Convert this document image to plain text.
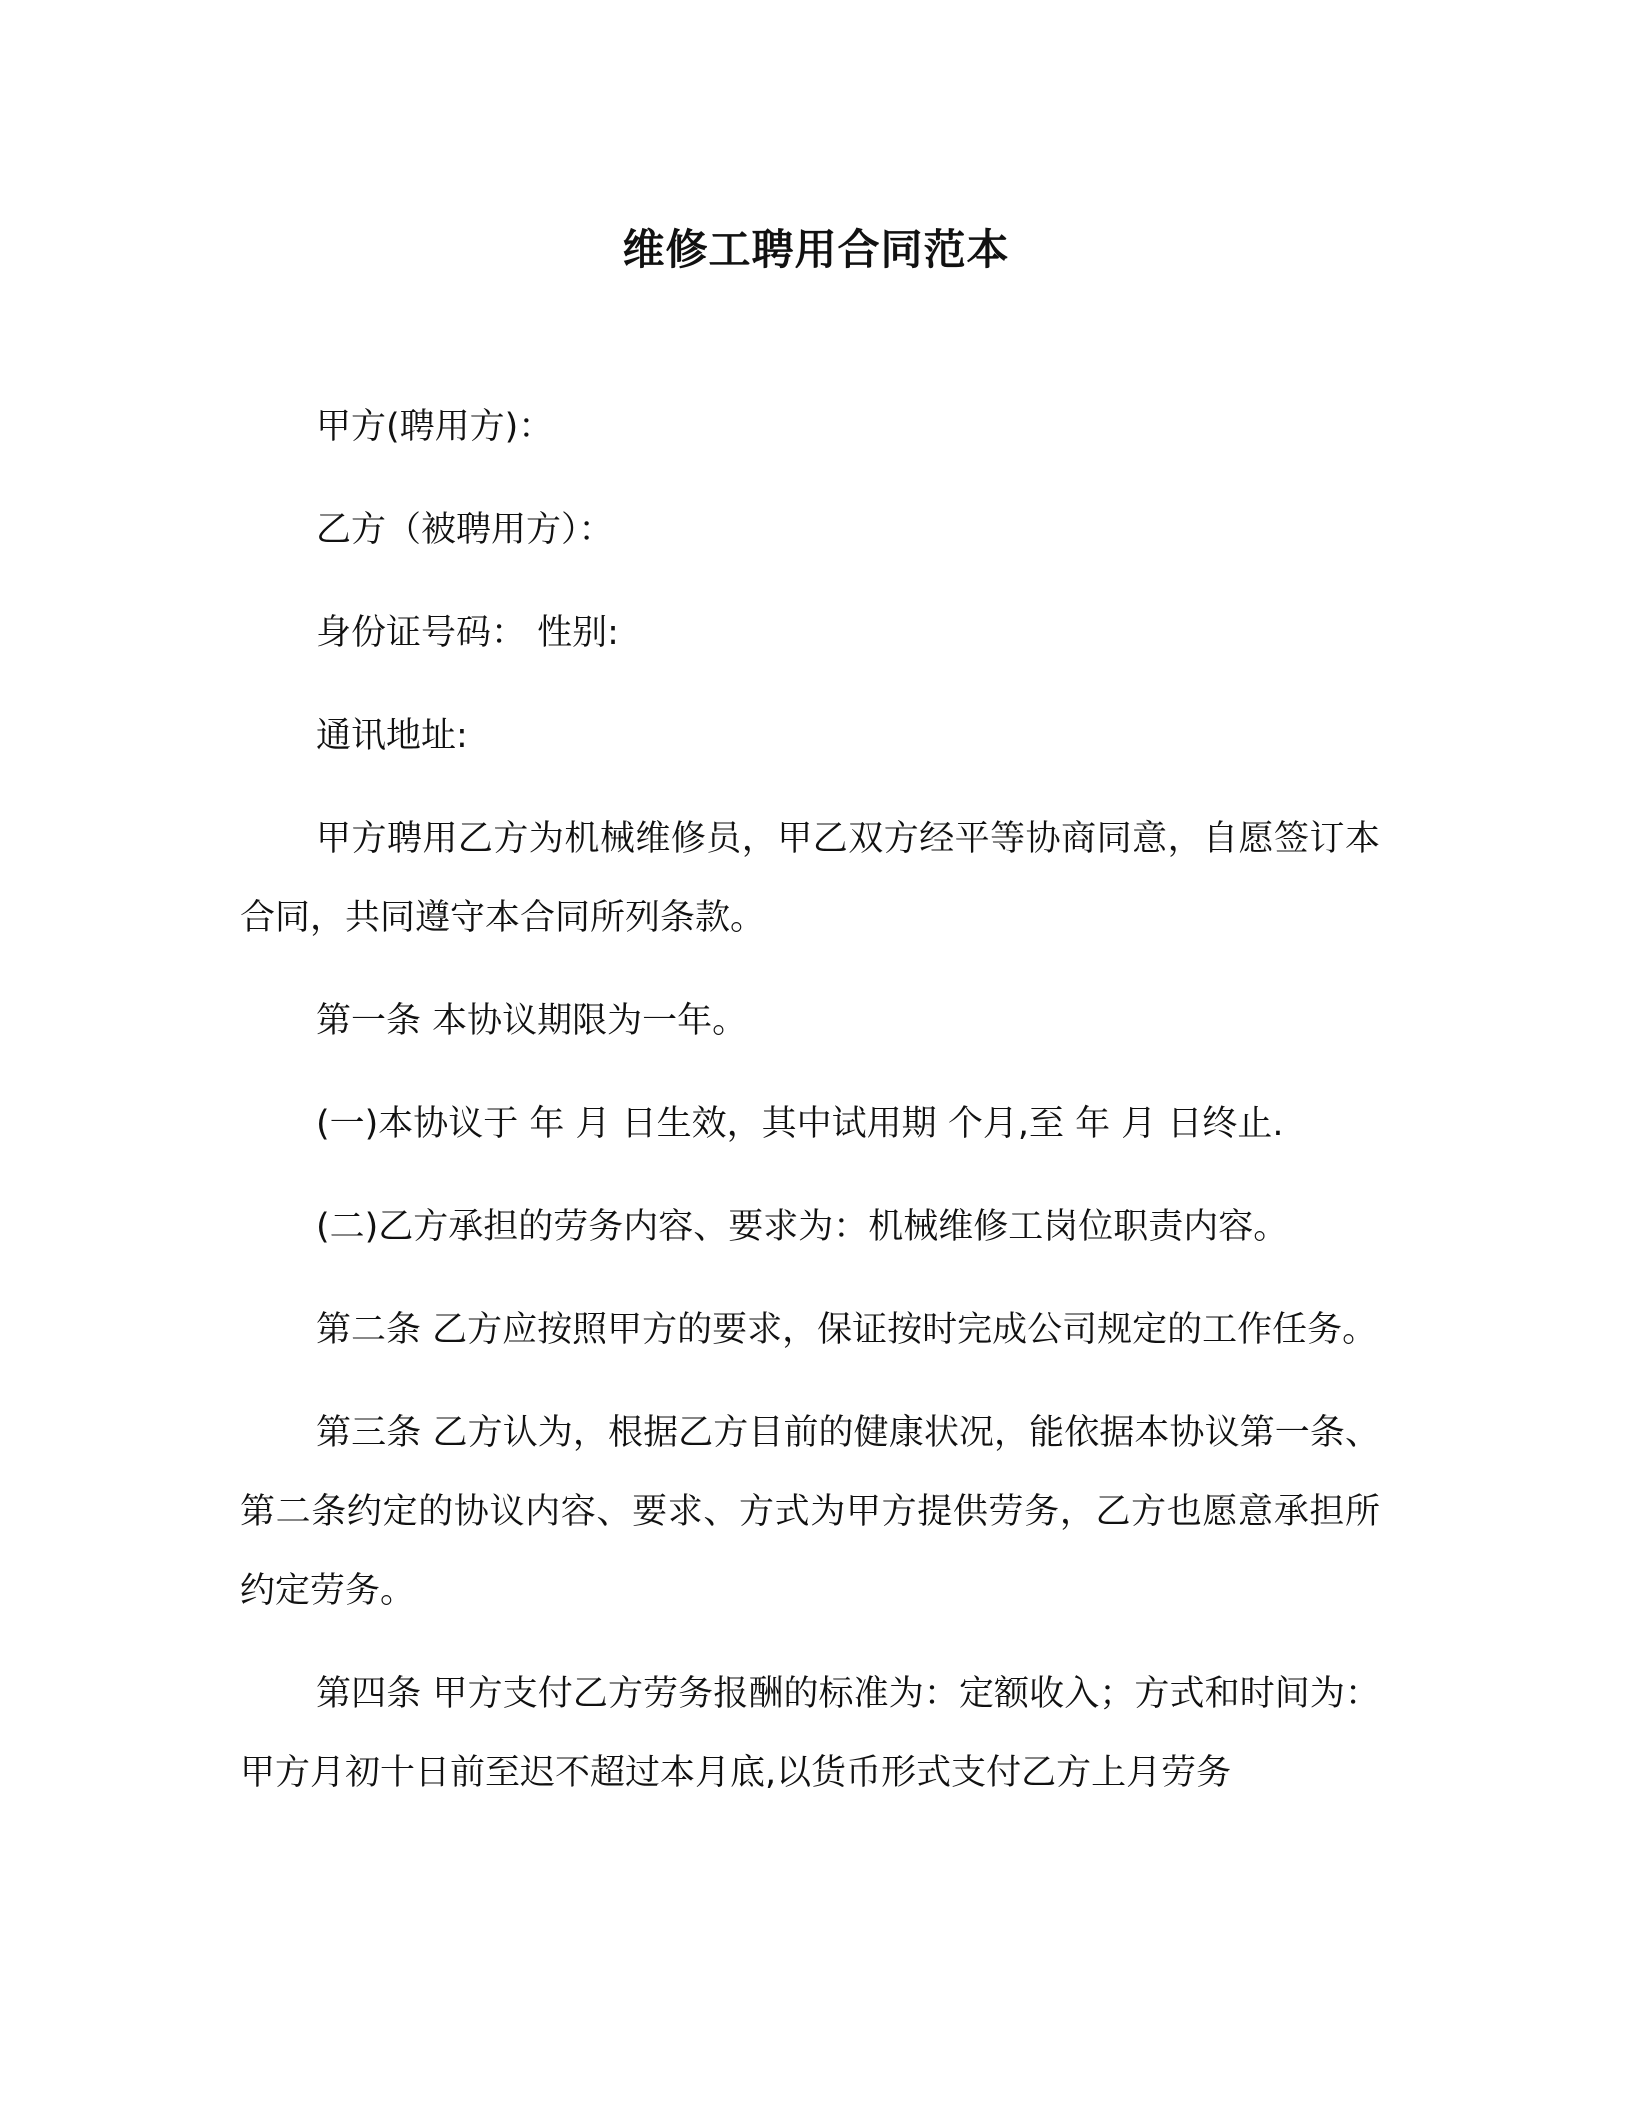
维修工聘用合同范本

甲方(聘用方)：

乙方（被聘用方）：

身份证号码： 性别:

通讯地址:

甲方聘用乙方为机械维修员，甲乙双方经平等协商同意，自愿签订本合同，共同遵守本合同所列条款。

第一条 本协议期限为一年。

(一)本协议于 年 月 日生效，其中试用期 个月,至 年 月 日终止.

(二)乙方承担的劳务内容、要求为：机械维修工岗位职责内容。

第二条 乙方应按照甲方的要求，保证按时完成公司规定的工作任务。

第三条 乙方认为，根据乙方目前的健康状况，能依据本协议第一条、第二条约定的协议内容、要求、方式为甲方提供劳务，乙方也愿意承担所约定劳务。

第四条 甲方支付乙方劳务报酬的标准为：定额收入；方式和时间为：甲方月初十日前至迟不超过本月底,以货币形式支付乙方上月劳务
